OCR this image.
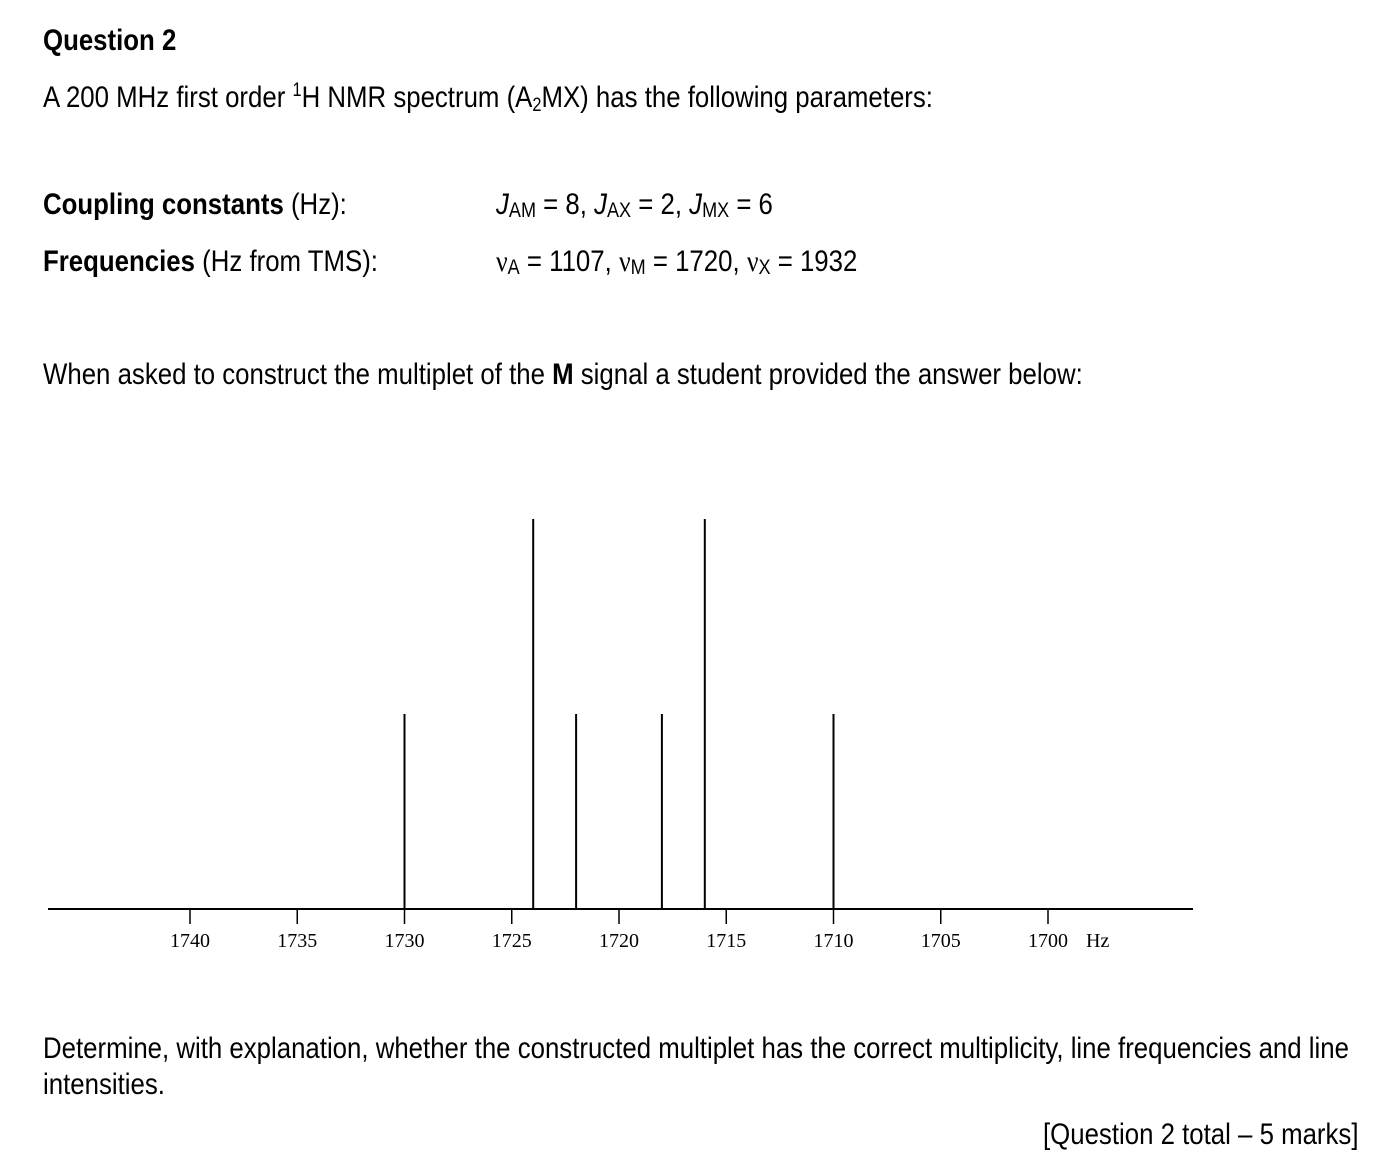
Question 2
A 200 MHz first order $^1$H NMR spectrum $(A_2MX)$ has the following parameters:
Coupling constants (Hz):	JAM = 8, JAX = 2, JMX = 6
Frequencies (Hz from TMS):	νA = 1107, νM = 1720, νX = 1932
When asked to construct the multiplet of the M signal a student provided the answer below:
1740	1735	1730	1725	1720	1715	1710	1705	1700 Hz
Determine, with explanation, whether the constructed multiplet has the correct multiplicity, line frequencies and line
intensities.
[Question 2 total – 5 marks]
